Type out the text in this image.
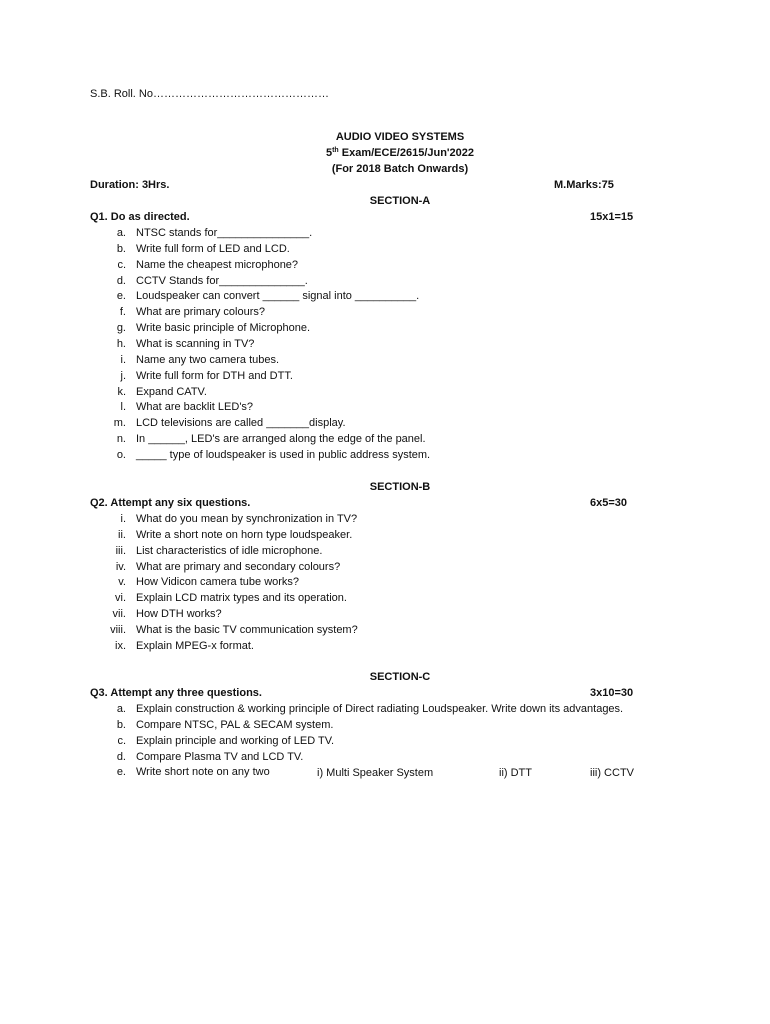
S.B. Roll. No…………………………………………
AUDIO VIDEO SYSTEMS
5th Exam/ECE/2615/Jun'2022
(For 2018 Batch Onwards)
Duration: 3Hrs.	M.Marks:75
SECTION-A
Q1. Do as directed.	15x1=15
a. NTSC stands for_______________.
b. Write full form of LED and LCD.
c. Name the cheapest microphone?
d. CCTV Stands for______________.
e. Loudspeaker can convert ______ signal into __________.
f. What are primary colours?
g. Write basic principle of Microphone.
h. What is scanning in TV?
i. Name any two camera tubes.
j. Write full form for DTH and DTT.
k. Expand CATV.
l. What are backlit LED's?
m. LCD televisions are called _______display.
n. In ______, LED's are arranged along the edge of the panel.
o. _____ type of loudspeaker is used in public address system.
SECTION-B
Q2. Attempt any six questions.	6x5=30
i. What do you mean by synchronization in TV?
ii. Write a short note on horn type loudspeaker.
iii. List characteristics of idle microphone.
iv. What are primary and secondary colours?
v. How Vidicon camera tube works?
vi. Explain LCD matrix types and its operation.
vii. How DTH works?
viii. What is the basic TV communication system?
ix. Explain MPEG-x format.
SECTION-C
Q3. Attempt any three questions.	3x10=30
a. Explain construction & working principle of Direct radiating Loudspeaker. Write down its advantages.
b. Compare NTSC, PAL & SECAM system.
c. Explain principle and working of LED TV.
d. Compare Plasma TV and LCD TV.
e. Write short note on any two	i) Multi Speaker System	ii) DTT	iii) CCTV
